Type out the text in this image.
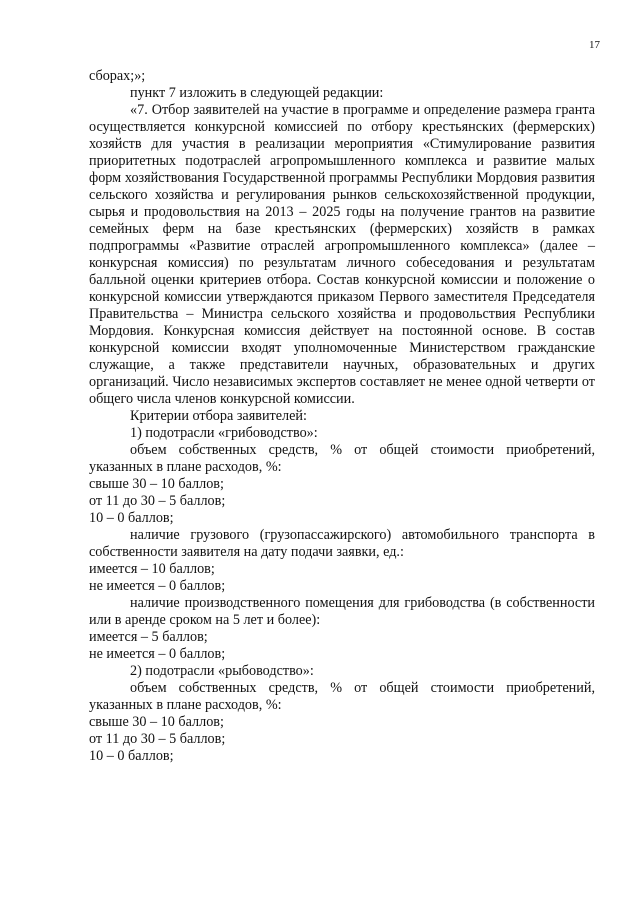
17

сборах;»;

пункт 7 изложить в следующей редакции:

«7. Отбор заявителей на участие в программе и определение размера гранта осуществляется конкурсной комиссией по отбору крестьянских (фермерских) хозяйств для участия в реализации мероприятия «Стимулирование развития приоритетных подотраслей агропромышленного комплекса и развитие малых форм хозяйствования Государственной программы Республики Мордовия развития сельского хозяйства и регулирования рынков сельскохозяйственной продукции, сырья и продовольствия на 2013 – 2025 годы на получение грантов на развитие семейных ферм на базе крестьянских (фермерских) хозяйств в рамках подпрограммы «Развитие отраслей агропромышленного комплекса» (далее – конкурсная комиссия) по результатам личного собеседования и результатам балльной оценки критериев отбора. Состав конкурсной комиссии и положение о конкурсной комиссии утверждаются приказом Первого заместителя Председателя Правительства – Министра сельского хозяйства и продовольствия Республики Мордовия. Конкурсная комиссия действует на постоянной основе. В состав конкурсной комиссии входят уполномоченные Министерством гражданские служащие, а также представители научных, образовательных и других организаций. Число независимых экспертов составляет не менее одной четверти от общего числа членов конкурсной комиссии.

Критерии отбора заявителей:

1) подотрасли «грибоводство»:

объем собственных средств, % от общей стоимости приобретений, указанных в плане расходов, %:

свыше 30 – 10 баллов;

от 11 до 30 – 5 баллов;

10 – 0 баллов;

наличие грузового (грузопассажирского) автомобильного транспорта в собственности заявителя на дату подачи заявки, ед.:

имеется – 10 баллов;

не имеется – 0 баллов;

наличие производственного помещения для грибоводства (в собственности или в аренде сроком на 5 лет и более):

имеется – 5 баллов;

не имеется – 0 баллов;

2) подотрасли «рыбоводство»:

объем собственных средств, % от общей стоимости приобретений, указанных в плане расходов, %:

свыше 30 – 10 баллов;

от 11 до 30 – 5 баллов;

10 – 0 баллов;
